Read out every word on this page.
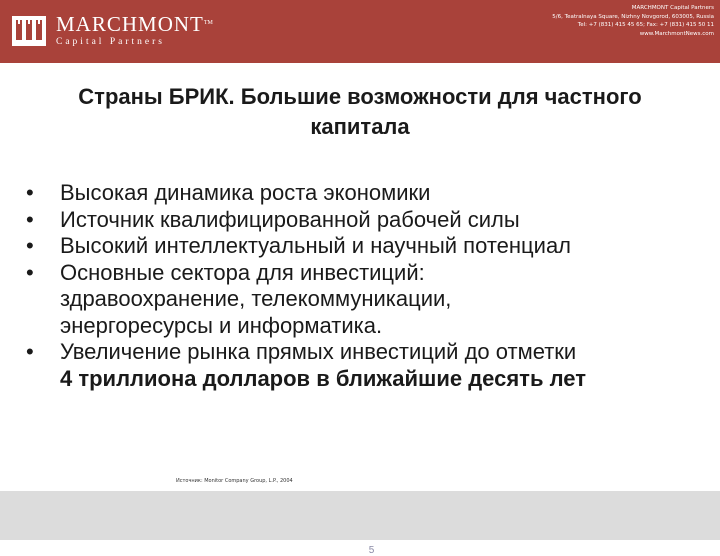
MARCHMONT TM
Capital Partners
MARCHMONT Capital Partners
5/6, Teatralnaya Square, Nizhny Novgorod, 603005, Russia
Tel: +7 (831) 415 45 65; Fax: +7 (831) 415 50 11
www.MarchmontNews.com
Страны БРИК. Большие возможности для частного капитала
• Высокая динамика роста экономики
• Источник квалифицированной рабочей силы
• Высокий интеллектуальный и научный потенциал
• Основные сектора для инвестиций:
здравоохранение, телекоммуникации,
энергоресурсы и информатика.
• Увеличение рынка прямых инвестиций до отметки
4 триллиона долларов в ближайшие десять лет
Источник: Monitor Company Group, L.P., 2004
5
